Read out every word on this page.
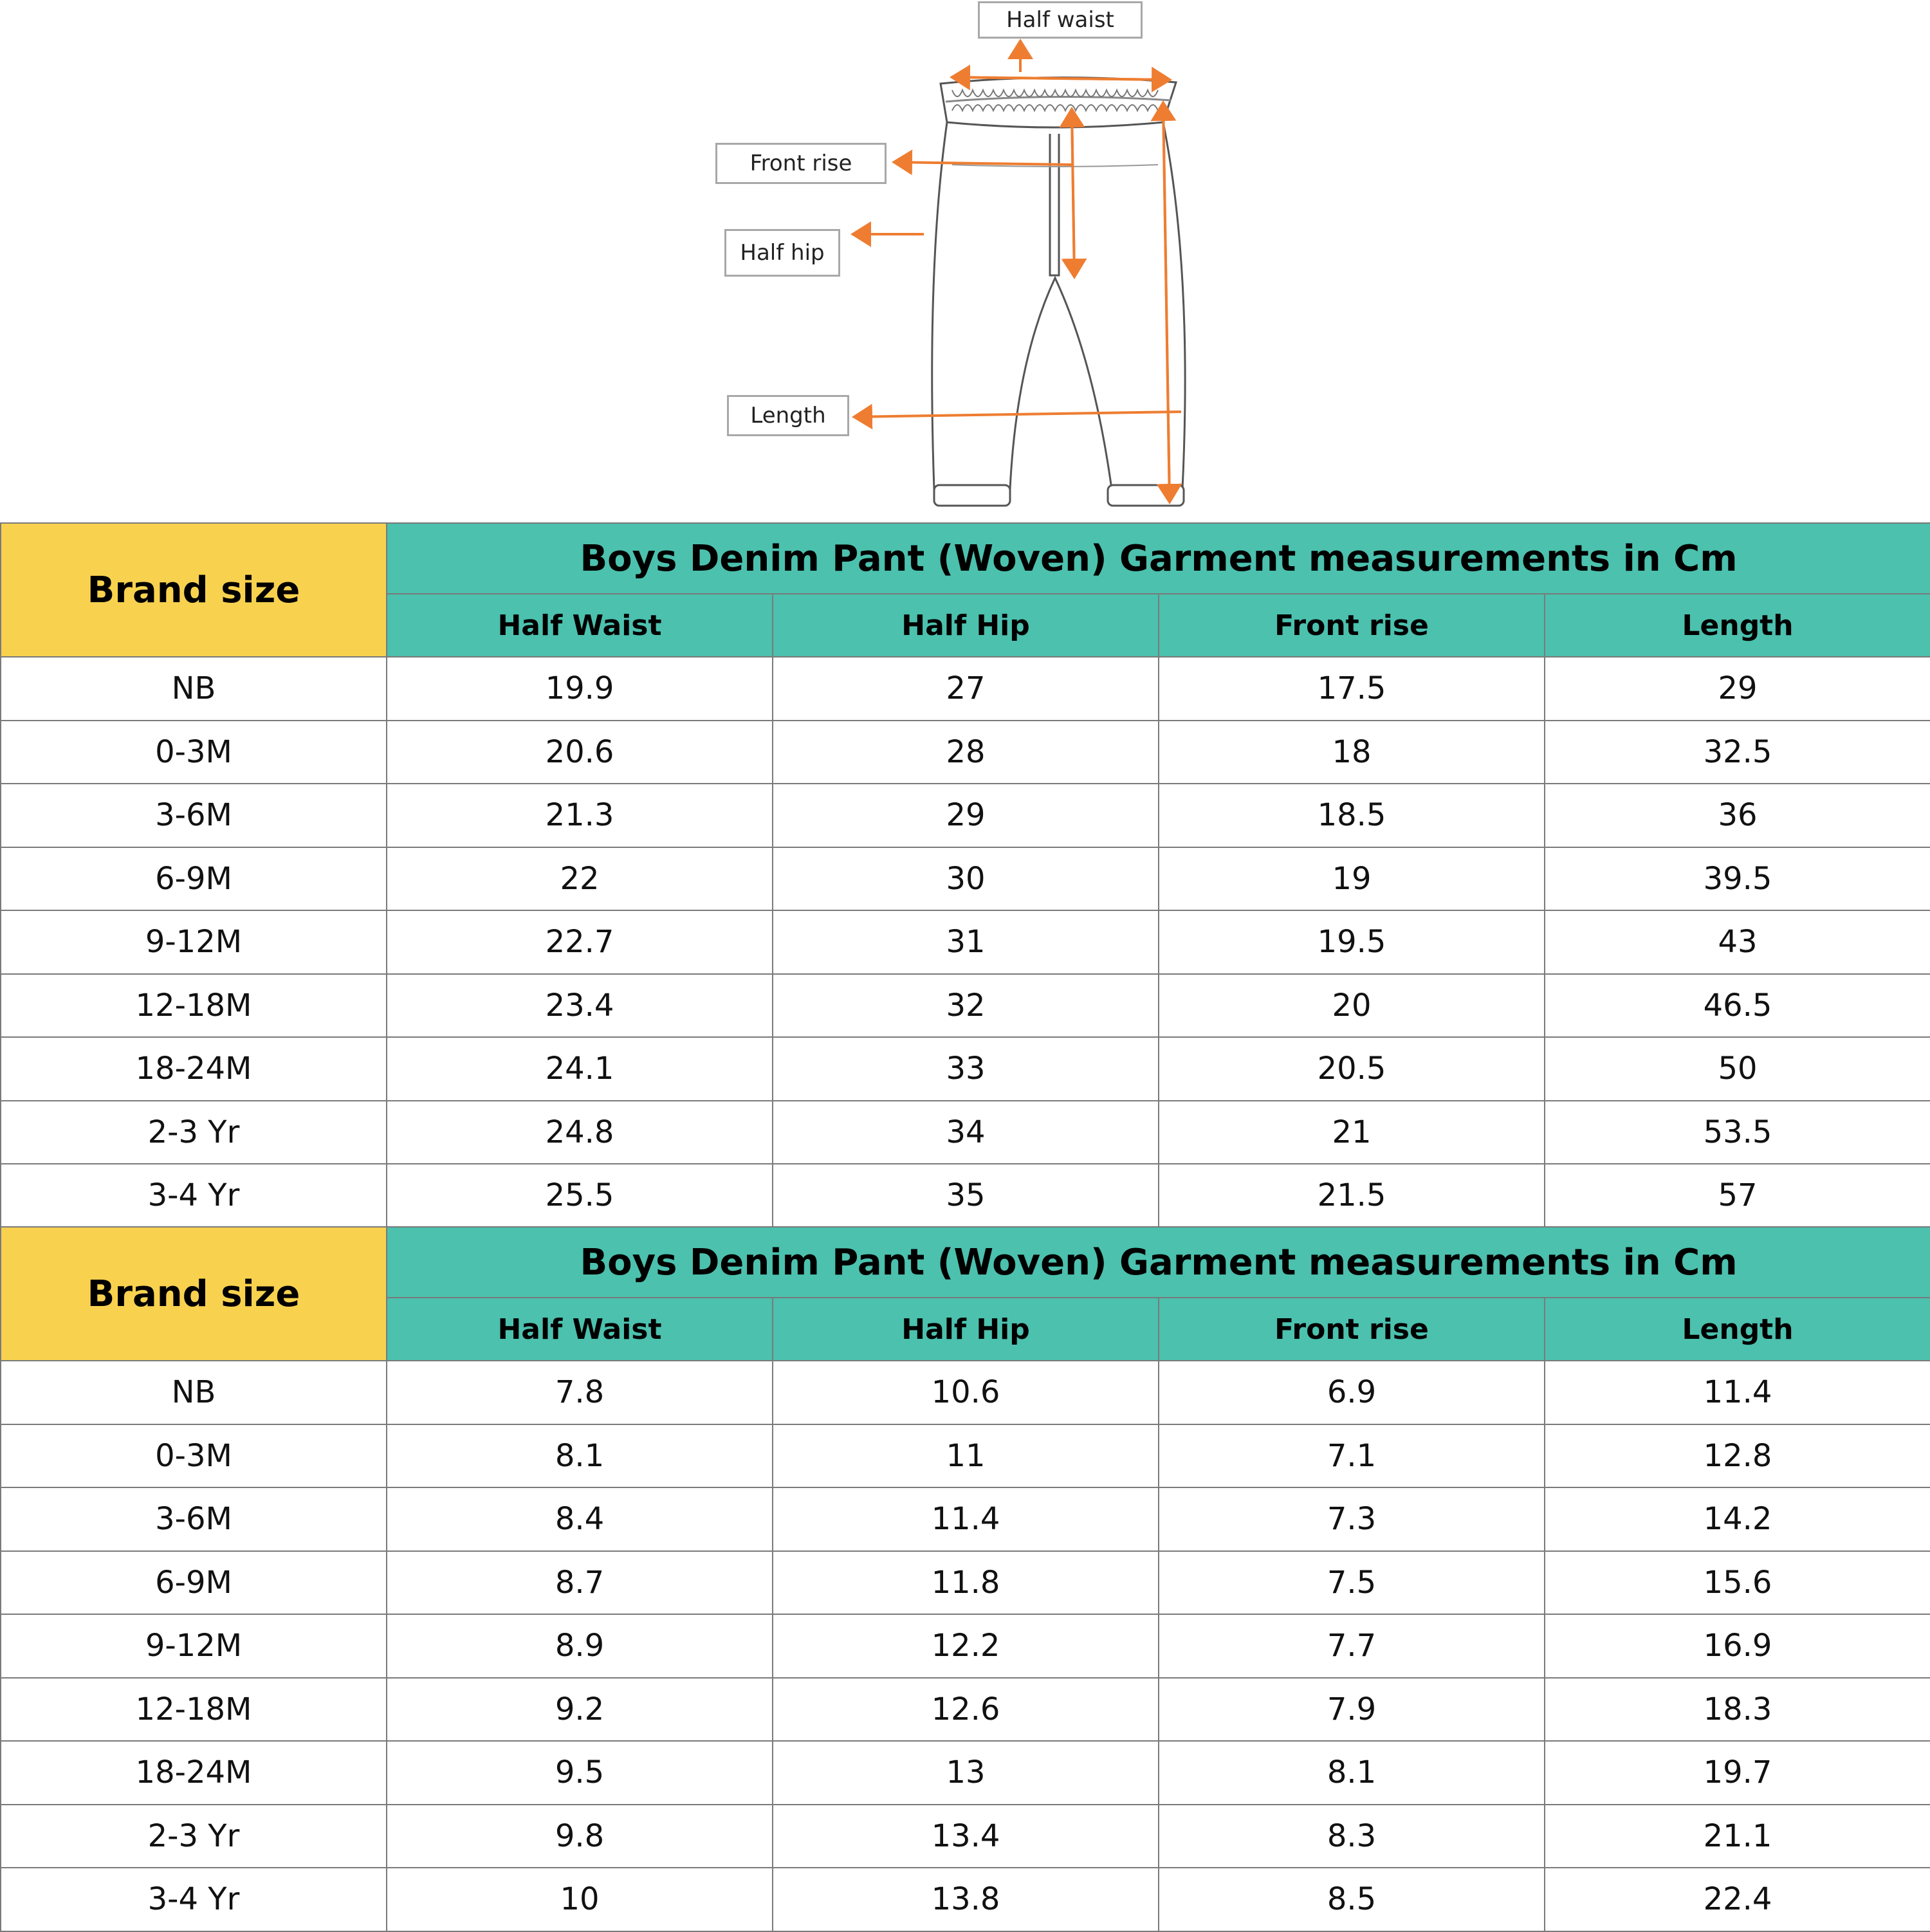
Half waist
Front rise
Half hip
Length
Brand size	Boys Denim Pant (Woven) Garment measurements in Cm			
	Half Waist	Half Hip	Front rise	Length
NB	19.9	27	17.5	29
0-3M	20.6	28	18	32.5
3-6M	21.3	29	18.5	36
6-9M	22	30	19	39.5
9-12M	22.7	31	19.5	43
12-18M	23.4	32	20	46.5
18-24M	24.1	33	20.5	50
2-3 Yr	24.8	34	21	53.5
3-4 Yr	25.5	35	21.5	57
Brand size	Boys Denim Pant (Woven) Garment measurements in Cm			
	Half Waist	Half Hip	Front rise	Length
NB	7.8	10.6	6.9	11.4
0-3M	8.1	11	7.1	12.8
3-6M	8.4	11.4	7.3	14.2
6-9M	8.7	11.8	7.5	15.6
9-12M	8.9	12.2	7.7	16.9
12-18M	9.2	12.6	7.9	18.3
18-24M	9.5	13	8.1	19.7
2-3 Yr	9.8	13.4	8.3	21.1
3-4 Yr	10	13.8	8.5	22.4
